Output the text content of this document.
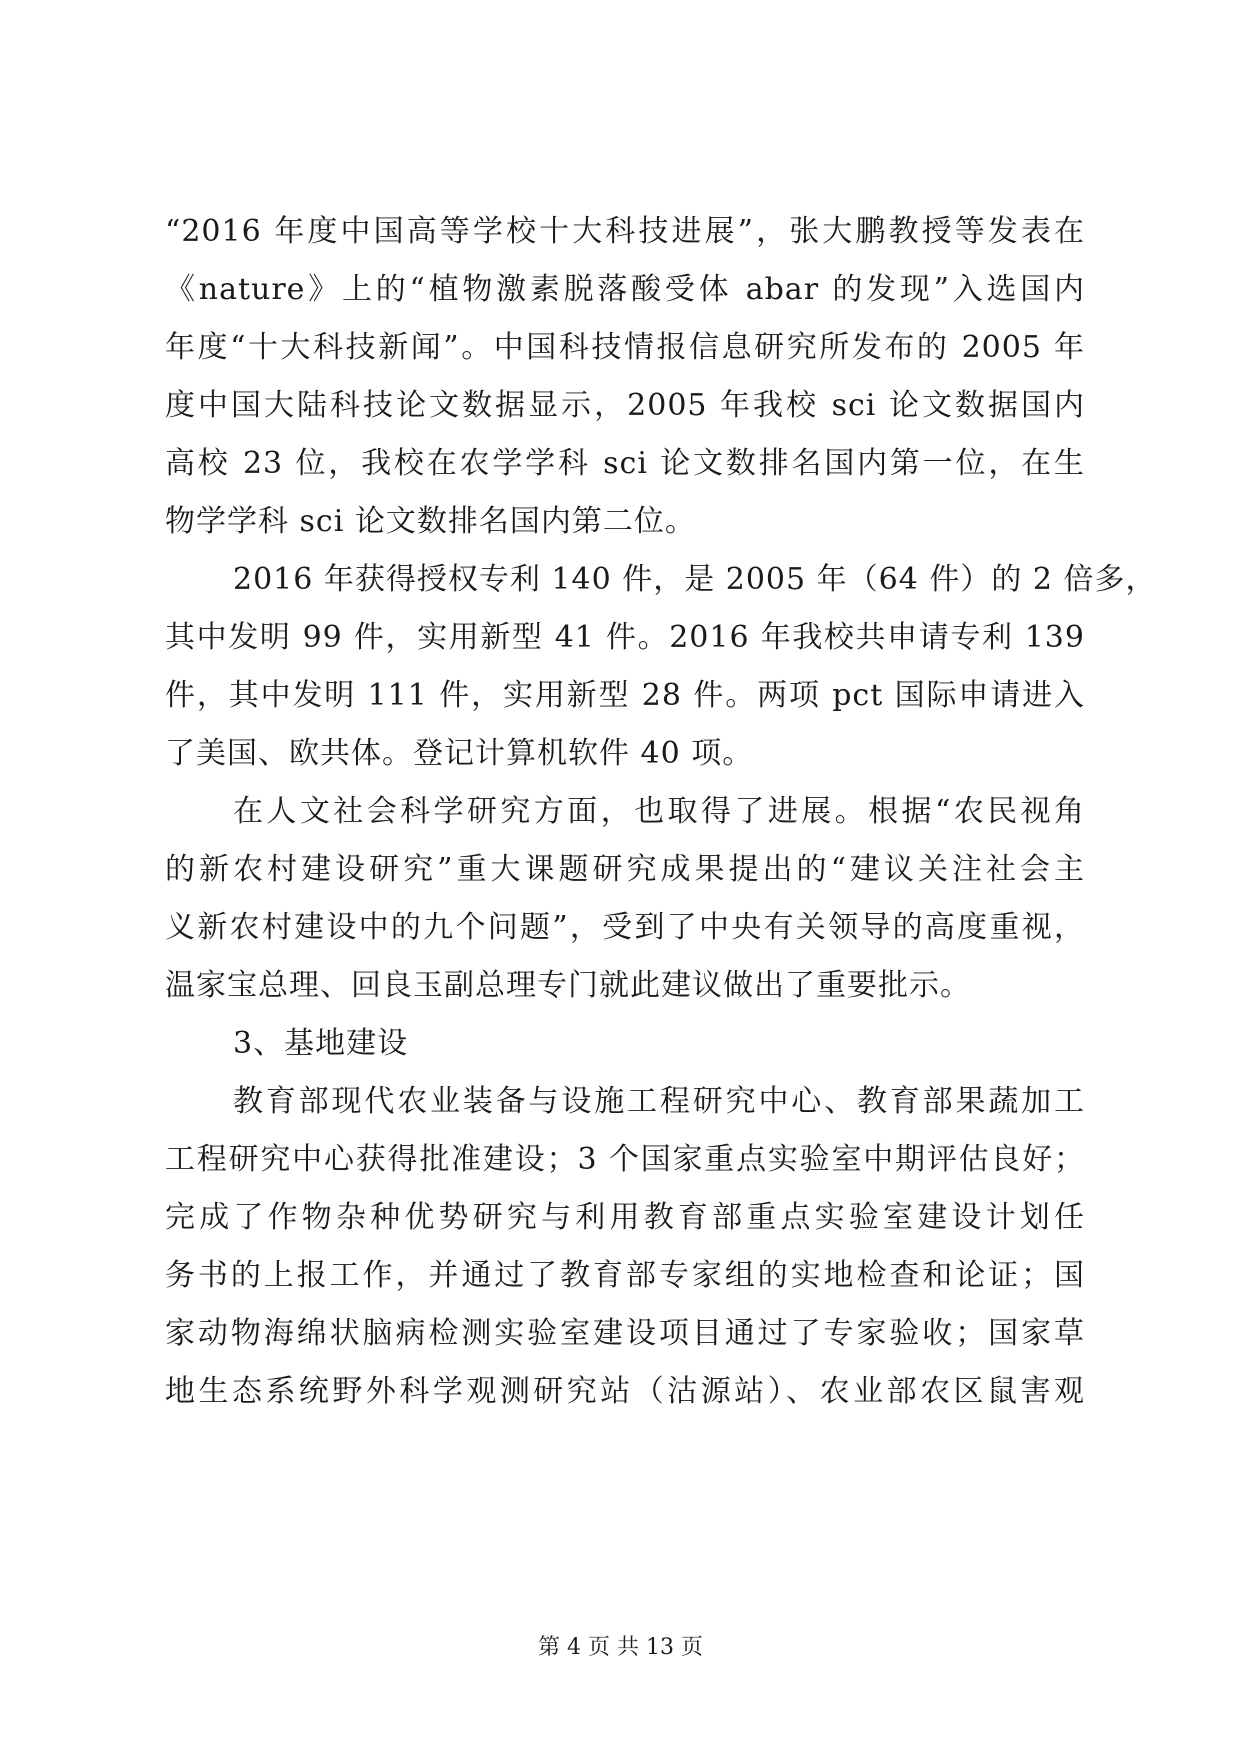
“2016 年度中国高等学校十大科技进展”，张大鹏教授等发表在
《nature》上的“植物激素脱落酸受体 abar 的发现”入选国内
年度“十大科技新闻”。中国科技情报信息研究所发布的 2005 年
度中国大陆科技论文数据显示，2005 年我校 sci 论文数据国内
高校 23 位，我校在农学学科 sci 论文数排名国内第一位，在生
物学学科 sci 论文数排名国内第二位。
2016 年获得授权专利 140 件，是 2005 年（64 件）的 2 倍多，
其中发明 99 件，实用新型 41 件。2016 年我校共申请专利 139
件，其中发明 111 件，实用新型 28 件。两项 pct 国际申请进入
了美国、欧共体。登记计算机软件 40 项。
在人文社会科学研究方面，也取得了进展。根据“农民视角
的新农村建设研究”重大课题研究成果提出的“建议关注社会主
义新农村建设中的九个问题”，受到了中央有关领导的高度重视，
温家宝总理、回良玉副总理专门就此建议做出了重要批示。
3、基地建设
教育部现代农业装备与设施工程研究中心、教育部果蔬加工
工程研究中心获得批准建设；3 个国家重点实验室中期评估良好；
完成了作物杂种优势研究与利用教育部重点实验室建设计划任
务书的上报工作，并通过了教育部专家组的实地检查和论证；国
家动物海绵状脑病检测实验室建设项目通过了专家验收；国家草
地生态系统野外科学观测研究站（沽源站）、农业部农区鼠害观
第 4 页 共 13 页
